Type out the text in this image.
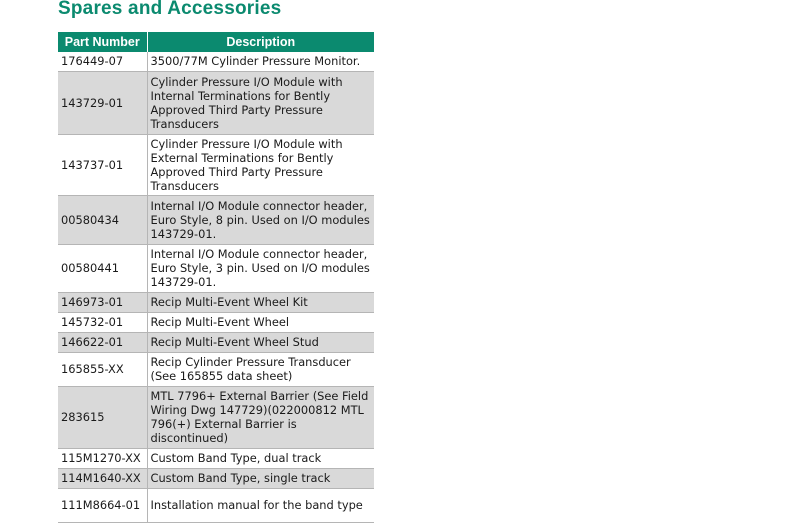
Spares and Accessories
Part Number	Description
176449-07	3500/77M Cylinder Pressure Monitor.
143729-01	Cylinder Pressure I/O Module with Internal Terminations for Bently Approved Third Party Pressure Transducers
143737-01	Cylinder Pressure I/O Module with External Terminations for Bently Approved Third Party Pressure Transducers
00580434	Internal I/O Module connector header, Euro Style, 8 pin. Used on I/O modules 143729-01.
00580441	Internal I/O Module connector header, Euro Style, 3 pin. Used on I/O modules 143729-01.
146973-01	Recip Multi-Event Wheel Kit
145732-01	Recip Multi-Event Wheel
146622-01	Recip Multi-Event Wheel Stud
165855-XX	Recip Cylinder Pressure Transducer (See 165855 data sheet)
283615	MTL 7796+ External Barrier (See Field Wiring Dwg 147729)(022000812 MTL 796(+) External Barrier is discontinued)
115M1270-XX	Custom Band Type, dual track
114M1640-XX	Custom Band Type, single track
111M8664-01	Installation manual for the band type
